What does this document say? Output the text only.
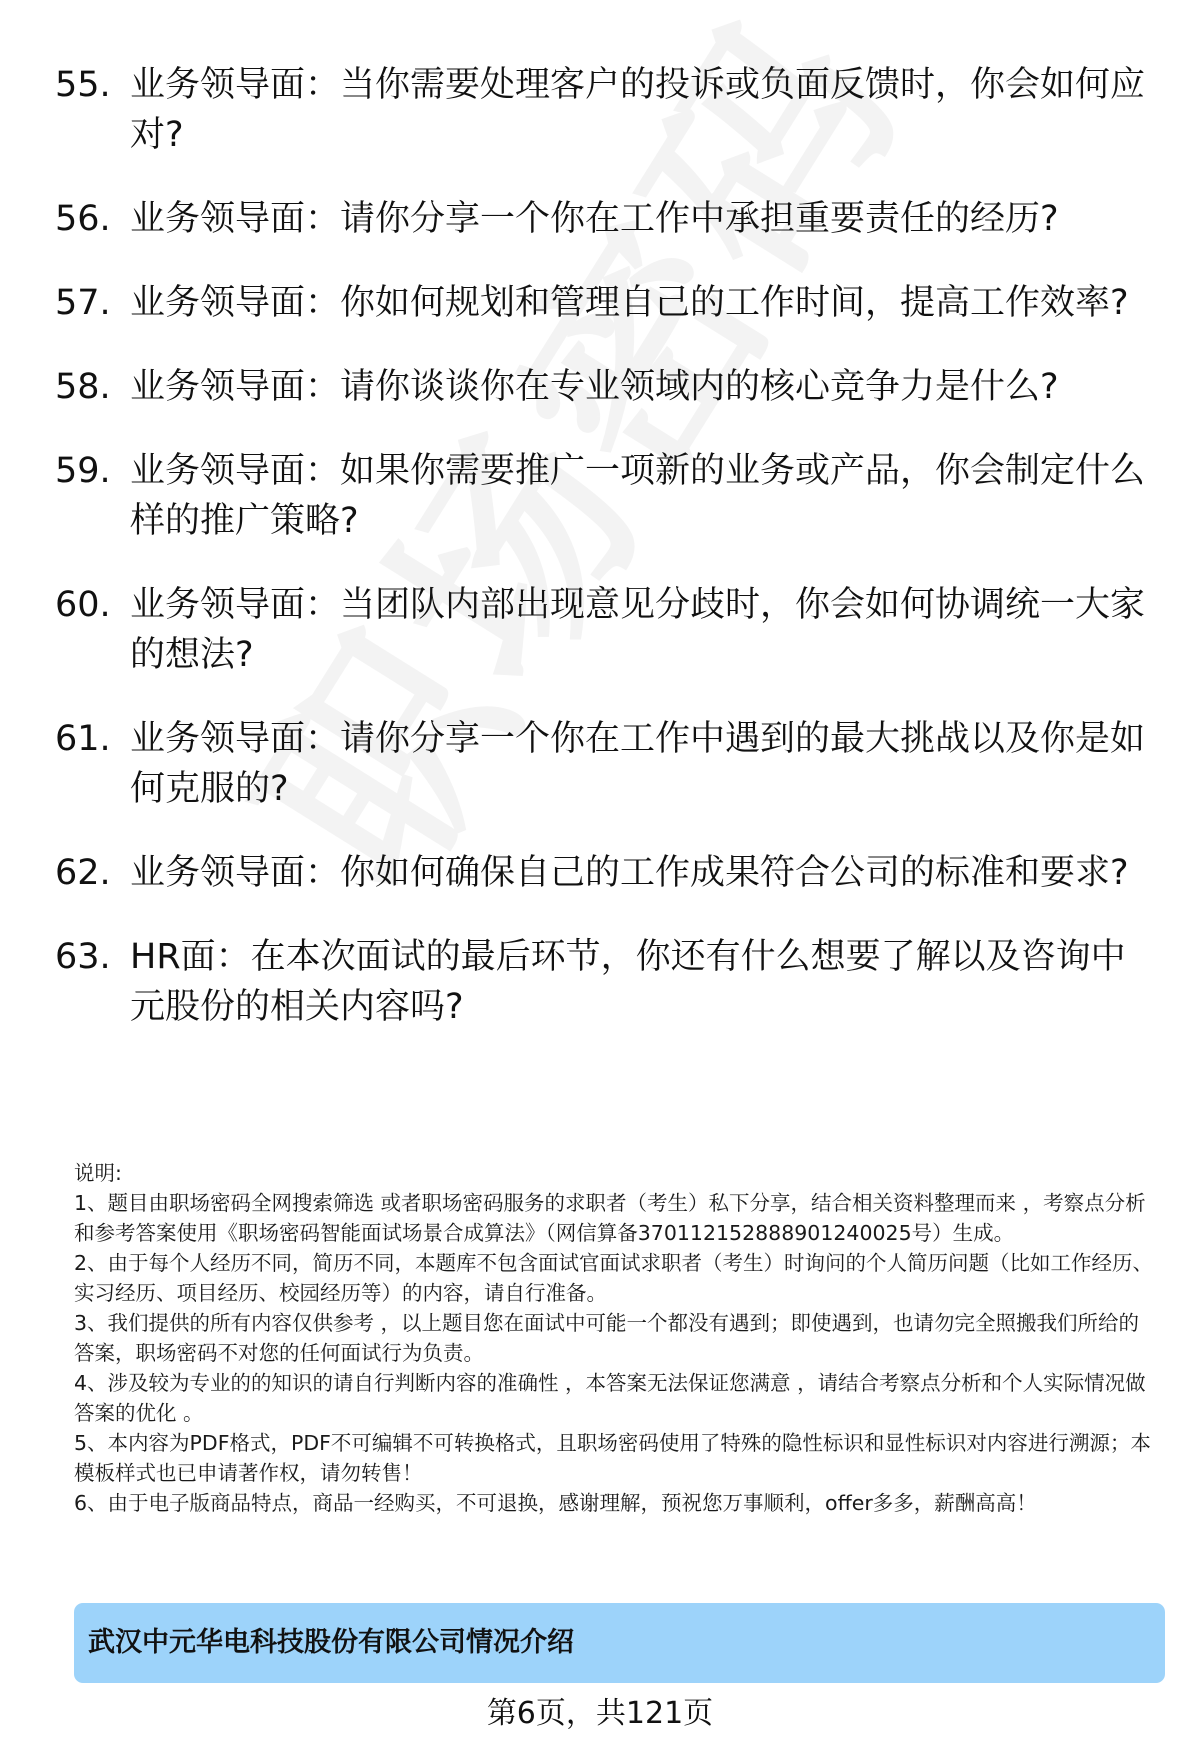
55. 业务领导面：当你需要处理客户的投诉或负面反馈时，你会如何应对?
56. 业务领导面：请你分享一个你在工作中承担重要责任的经历?
57. 业务领导面：你如何规划和管理自己的工作时间，提高工作效率?
58. 业务领导面：请你谈谈你在专业领域内的核心竞争力是什么?
59. 业务领导面：如果你需要推广一项新的业务或产品，你会制定什么样的推广策略?
60. 业务领导面：当团队内部出现意见分歧时，你会如何协调统一大家的想法?
61. 业务领导面：请你分享一个你在工作中遇到的最大挑战以及你是如何克服的?
62. 业务领导面：你如何确保自己的工作成果符合公司的标准和要求?
63. HR面：在本次面试的最后环节，你还有什么想要了解以及咨询中元股份的相关内容吗?
说明:
1、题目由职场密码全网搜索筛选 或者职场密码服务的求职者（考生）私下分享，结合相关资料整理而来 ，考察点分析和参考答案使用《职场密码智能面试场景合成算法》（网信算备370112152888901240025号）生成。
2、由于每个人经历不同，简历不同，本题库不包含面试官面试求职者（考生）时询问的个人简历问题（比如工作经历、实习经历、项目经历、校园经历等）的内容，请自行准备。
3、我们提供的所有内容仅供参考 ，以上题目您在面试中可能一个都没有遇到；即使遇到，也请勿完全照搬我们所给的答案，职场密码不对您的任何面试行为负责。
4、涉及较为专业的的知识的请自行判断内容的准确性 ，本答案无法保证您满意 ，请结合考察点分析和个人实际情况做答案的优化 。
5、本内容为PDF格式，PDF不可编辑不可转换格式，且职场密码使用了特殊的隐性标识和显性标识对内容进行溯源；本模板样式也已申请著作权，请勿转售！
6、由于电子版商品特点，商品一经购买，不可退换，感谢理解，预祝您万事顺利，offer多多，薪酬高高！
武汉中元华电科技股份有限公司情况介绍
第6页，共121页
